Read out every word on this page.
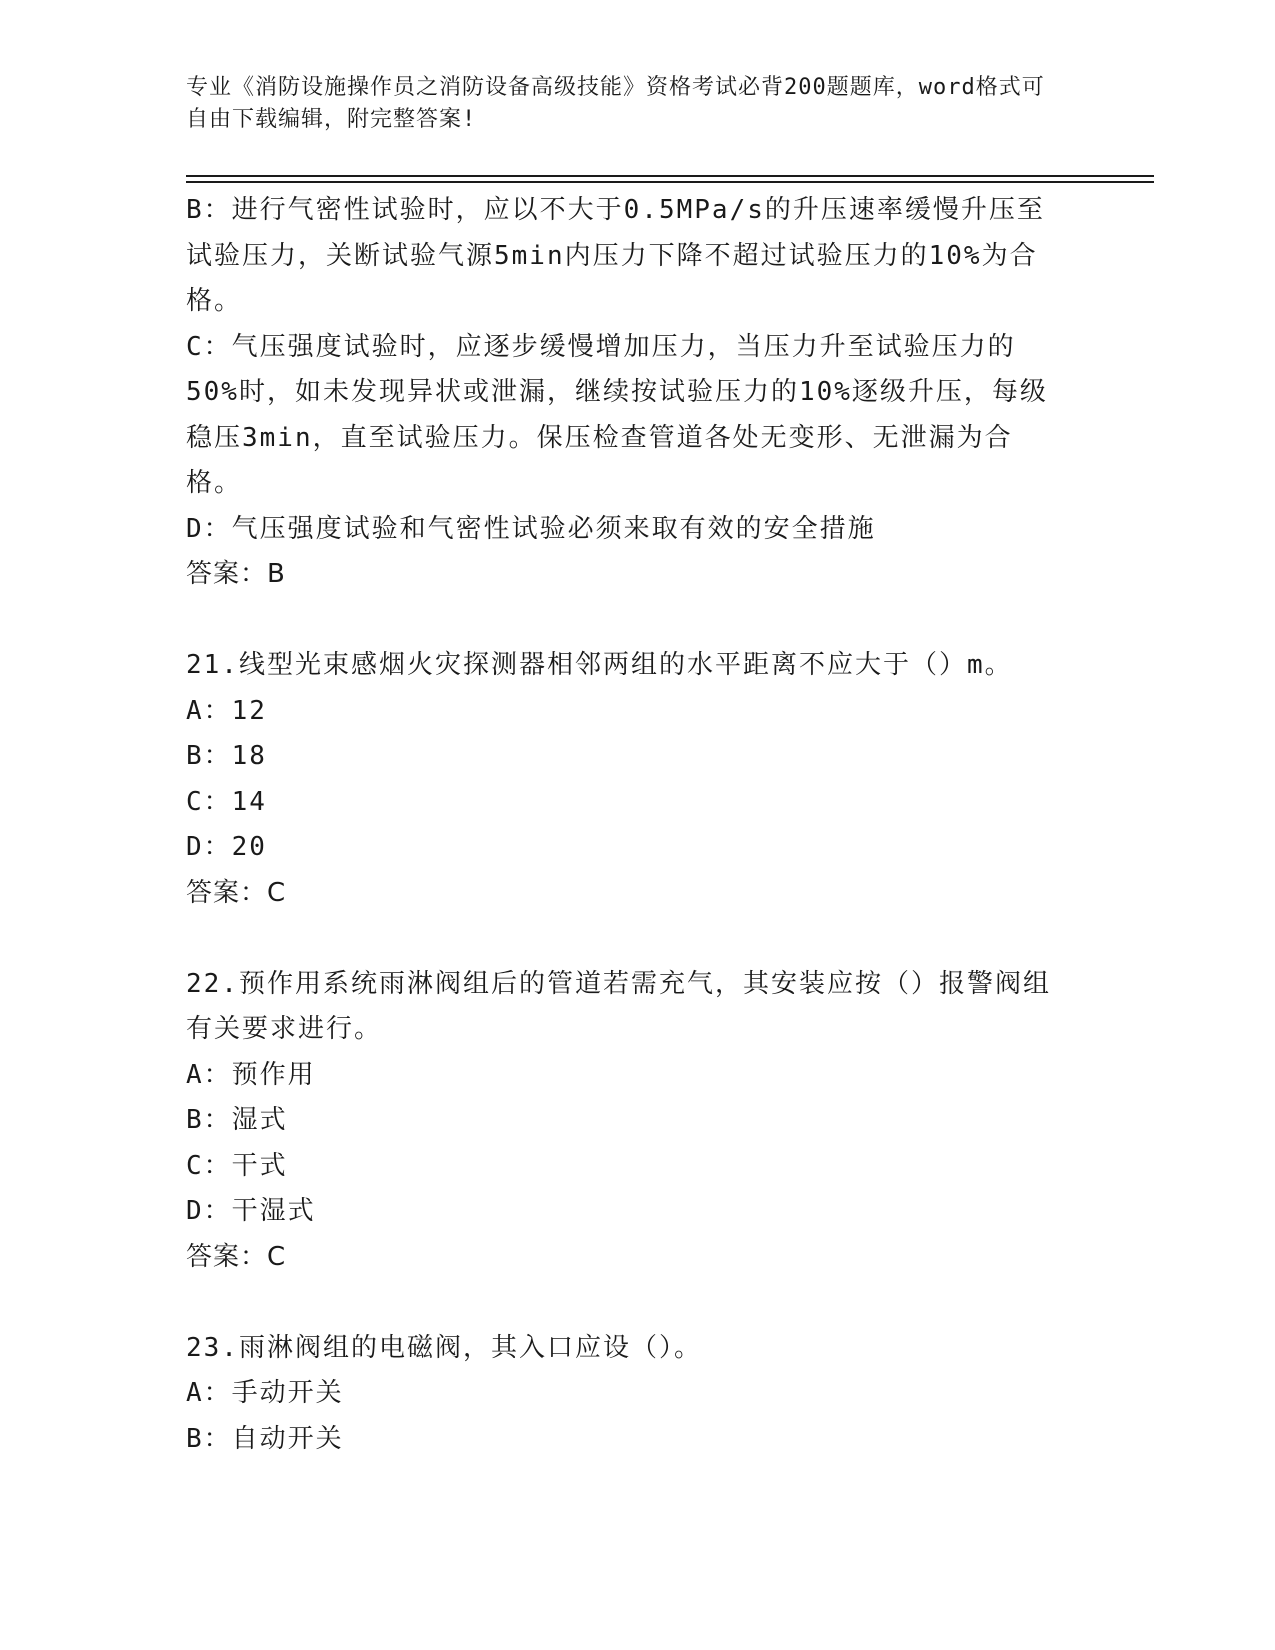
专业《消防设施操作员之消防设备高级技能》资格考试必背200题题库，word格式可自由下载编辑，附完整答案!

B：进行气密性试验时，应以不大于0.5MPa/s的升压速率缓慢升压至试验压力，关断试验气源5min内压力下降不超过试验压力的10%为合格。

C：气压强度试验时，应逐步缓慢增加压力，当压力升至试验压力的50%时，如未发现异状或泄漏，继续按试验压力的10%逐级升压，每级稳压3min，直至试验压力。保压检查管道各处无变形、无泄漏为合格。

D：气压强度试验和气密性试验必须来取有效的安全措施

答案：B

21.线型光束感烟火灾探测器相邻两组的水平距离不应大于（）m。

A：12

B：18

C：14

D：20

答案：C

22.预作用系统雨淋阀组后的管道若需充气，其安装应按（）报警阀组有关要求进行。

A：预作用

B：湿式

C：干式

D：干湿式

答案：C

23.雨淋阀组的电磁阀，其入口应设（）。

A：手动开关

B：自动开关
